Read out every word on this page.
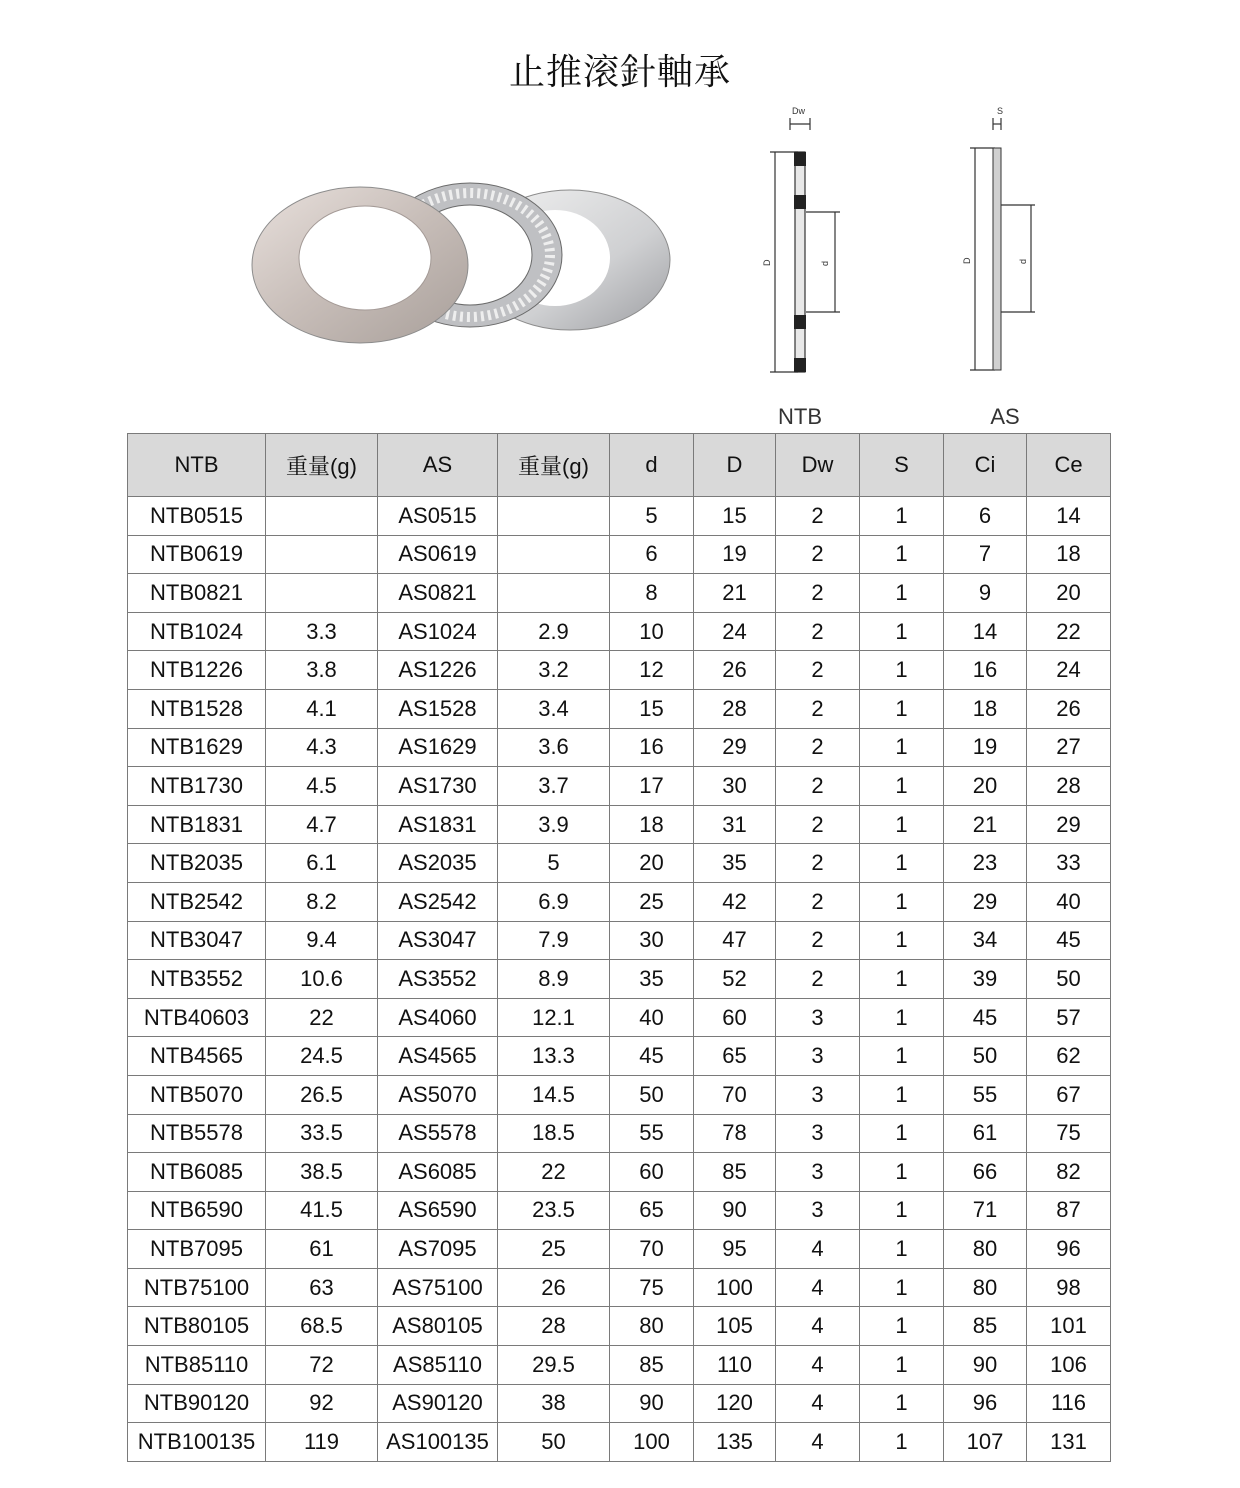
止推滚針軸承
Dw
D	d
NTB
S
D	d
AS
NTB	重量(g)	AS	重量(g)	d	D	Dw	S	Ci	Ce
NTB0515		AS0515		5	15	2	1	6	14
NTB0619		AS0619		6	19	2	1	7	18
NTB0821		AS0821		8	21	2	1	9	20
NTB1024	3.3	AS1024	2.9	10	24	2	1	14	22
NTB1226	3.8	AS1226	3.2	12	26	2	1	16	24
NTB1528	4.1	AS1528	3.4	15	28	2	1	18	26
NTB1629	4.3	AS1629	3.6	16	29	2	1	19	27
NTB1730	4.5	AS1730	3.7	17	30	2	1	20	28
NTB1831	4.7	AS1831	3.9	18	31	2	1	21	29
NTB2035	6.1	AS2035	5	20	35	2	1	23	33
NTB2542	8.2	AS2542	6.9	25	42	2	1	29	40
NTB3047	9.4	AS3047	7.9	30	47	2	1	34	45
NTB3552	10.6	AS3552	8.9	35	52	2	1	39	50
NTB40603	22	AS4060	12.1	40	60	3	1	45	57
NTB4565	24.5	AS4565	13.3	45	65	3	1	50	62
NTB5070	26.5	AS5070	14.5	50	70	3	1	55	67
NTB5578	33.5	AS5578	18.5	55	78	3	1	61	75
NTB6085	38.5	AS6085	22	60	85	3	1	66	82
NTB6590	41.5	AS6590	23.5	65	90	3	1	71	87
NTB7095	61	AS7095	25	70	95	4	1	80	96
NTB75100	63	AS75100	26	75	100	4	1	80	98
NTB80105	68.5	AS80105	28	80	105	4	1	85	101
NTB85110	72	AS85110	29.5	85	110	4	1	90	106
NTB90120	92	AS90120	38	90	120	4	1	96	116
NTB100135	119	AS100135	50	100	135	4	1	107	131
